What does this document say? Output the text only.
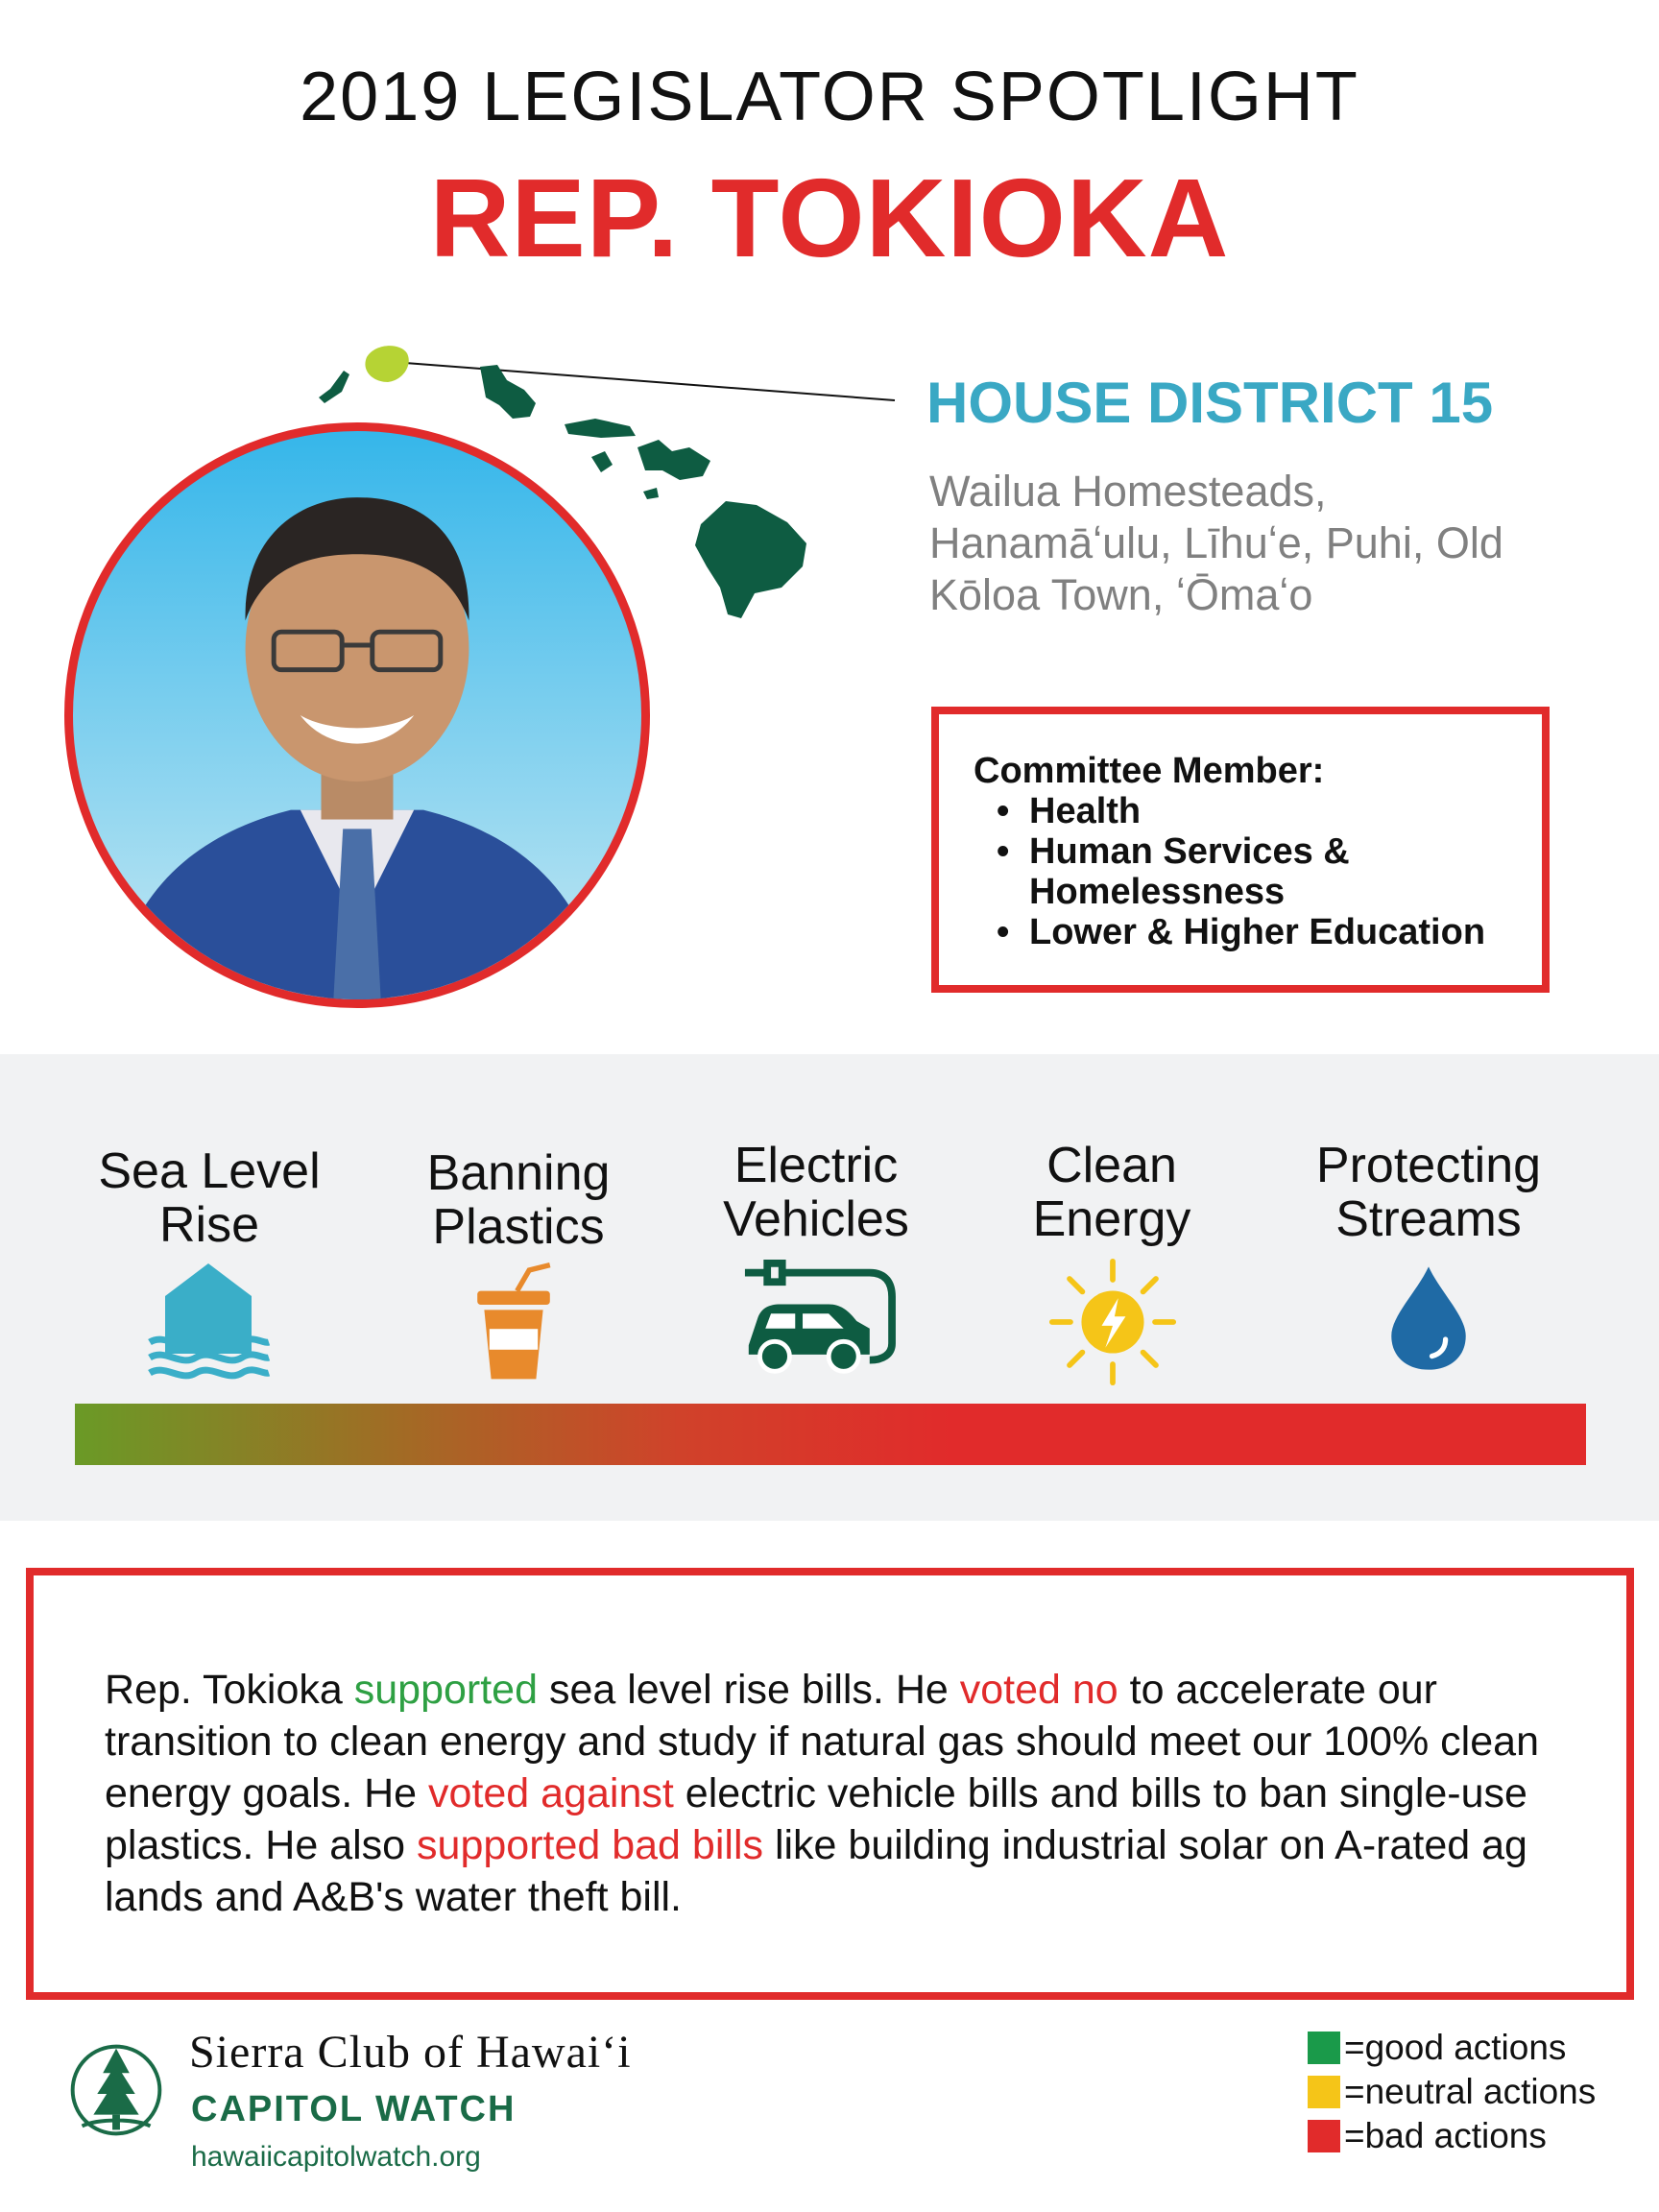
2019 LEGISLATOR SPOTLIGHT
REP. TOKIOKA
HOUSE DISTRICT 15
Wailua Homesteads,
Hanamāʻulu, Līhuʻe, Puhi, Old
Kōloa Town, ʻŌmaʻo
Committee Member:
• Health
• Human Services &
Homelessness
• Lower & Higher Education
Sea Level
Rise
Banning
Plastics
Electric
Vehicles
Clean
Energy
Protecting
Streams

Rep. Tokioka supported sea level rise bills. He voted no to accelerate our transition to clean energy and study if natural gas should meet our 100% clean energy goals. He voted against electric vehicle bills and bills to ban single-use plastics. He also supported bad bills like building industrial solar on A-rated ag lands and A&B's water theft bill.

Sierra Club of Hawaiʻi
CAPITOL WATCH
hawaiicapitolwatch.org
=good actions
=neutral actions
=bad actions
